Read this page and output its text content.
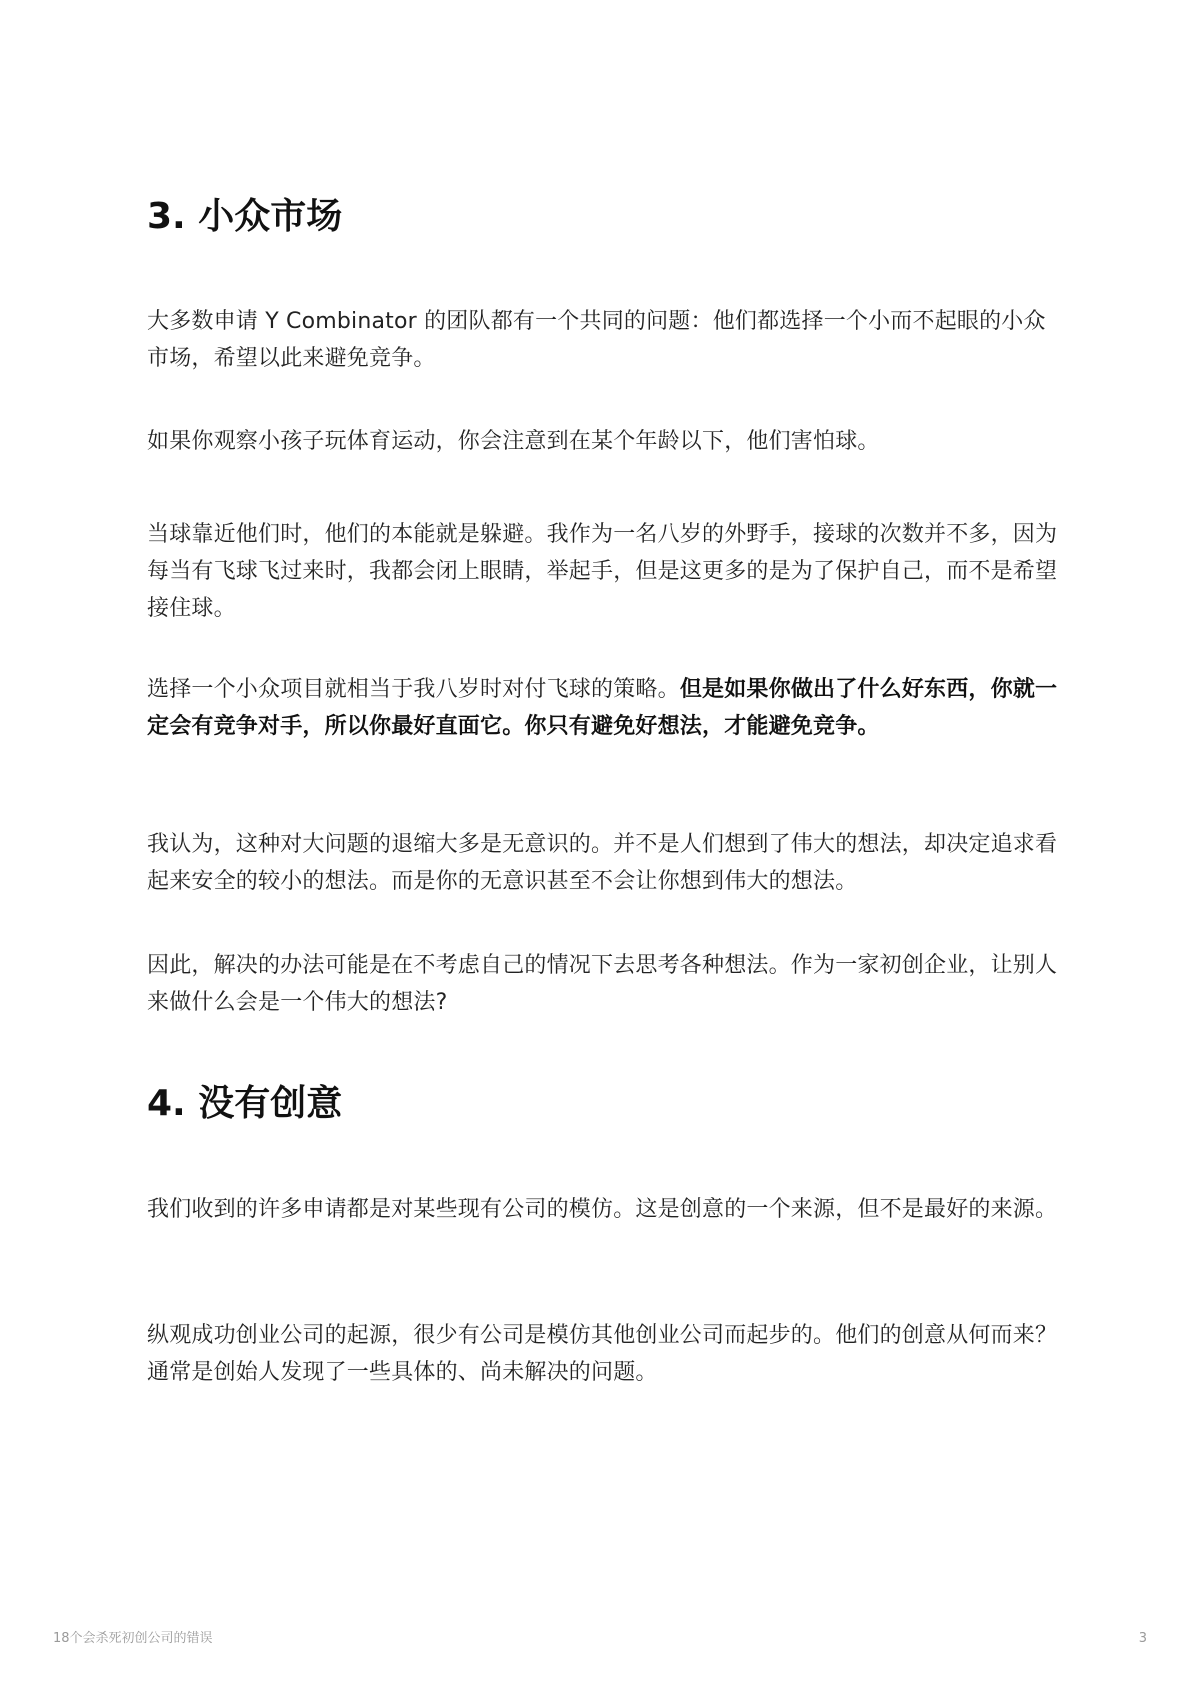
3. 小众市场

大多数申请 Y Combinator 的团队都有一个共同的问题：他们都选择一个小而不起眼的小众市场，希望以此来避免竞争。

如果你观察小孩子玩体育运动，你会注意到在某个年龄以下，他们害怕球。

当球靠近他们时，他们的本能就是躲避。我作为一名八岁的外野手，接球的次数并不多，因为每当有飞球飞过来时，我都会闭上眼睛，举起手，但是这更多的是为了保护自己，而不是希望接住球。

选择一个小众项目就相当于我八岁时对付飞球的策略。但是如果你做出了什么好东西，你就一定会有竞争对手，所以你最好直面它。你只有避免好想法，才能避免竞争。

我认为，这种对大问题的退缩大多是无意识的。并不是人们想到了伟大的想法，却决定追求看起来安全的较小的想法。而是你的无意识甚至不会让你想到伟大的想法。

因此，解决的办法可能是在不考虑自己的情况下去思考各种想法。作为一家初创企业，让别人来做什么会是一个伟大的想法?

4. 没有创意

我们收到的许多申请都是对某些现有公司的模仿。这是创意的一个来源，但不是最好的来源。

纵观成功创业公司的起源，很少有公司是模仿其他创业公司而起步的。他们的创意从何而来？通常是创始人发现了一些具体的、尚未解决的问题。

18个会杀死初创公司的错误	3
